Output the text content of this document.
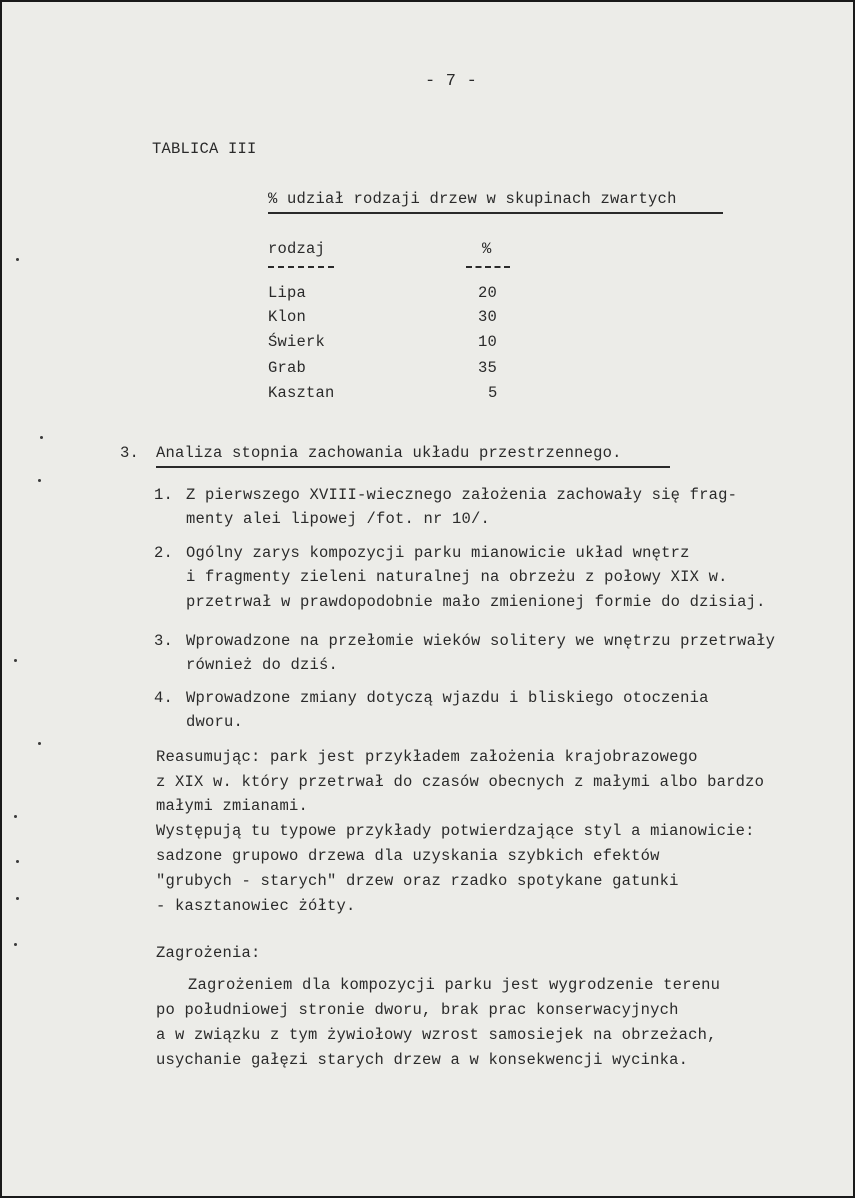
- 7 -
TABLICA III
% udział rodzaji drzew w skupinach zwartych
rodzaj	%
Lipa	20
Klon	30
Świerk	10
Grab	35
Kasztan	5
3. Analiza stopnia zachowania układu przestrzennego.
1. Z pierwszego XVIII-wiecznego założenia zachowały się frag-
menty alei lipowej /fot. nr 10/.
2. Ogólny zarys kompozycji parku mianowicie układ wnętrz
i fragmenty zieleni naturalnej na obrzeżu z połowy XIX w.
przetrwał w prawdopodobnie mało zmienionej formie do dzisiaj.
3. Wprowadzone na przełomie wieków solitery we wnętrzu przetrwały
również do dziś.
4. Wprowadzone zmiany dotyczą wjazdu i bliskiego otoczenia
dworu.
Reasumując: park jest przykładem założenia krajobrazowego
z XIX w. który przetrwał do czasów obecnych z małymi albo bardzo
małymi zmianami.
Występują tu typowe przykłady potwierdzające styl a mianowicie:
sadzone grupowo drzewa dla uzyskania szybkich efektów
"grubych - starych" drzew oraz rzadko spotykane gatunki
- kasztanowiec żółty.
Zagrożenia:
Zagrożeniem dla kompozycji parku jest wygrodzenie terenu
po południowej stronie dworu, brak prac konserwacyjnych
a w związku z tym żywiołowy wzrost samosiejek na obrzeżach,
usychanie gałęzi starych drzew a w konsekwencji wycinka.
